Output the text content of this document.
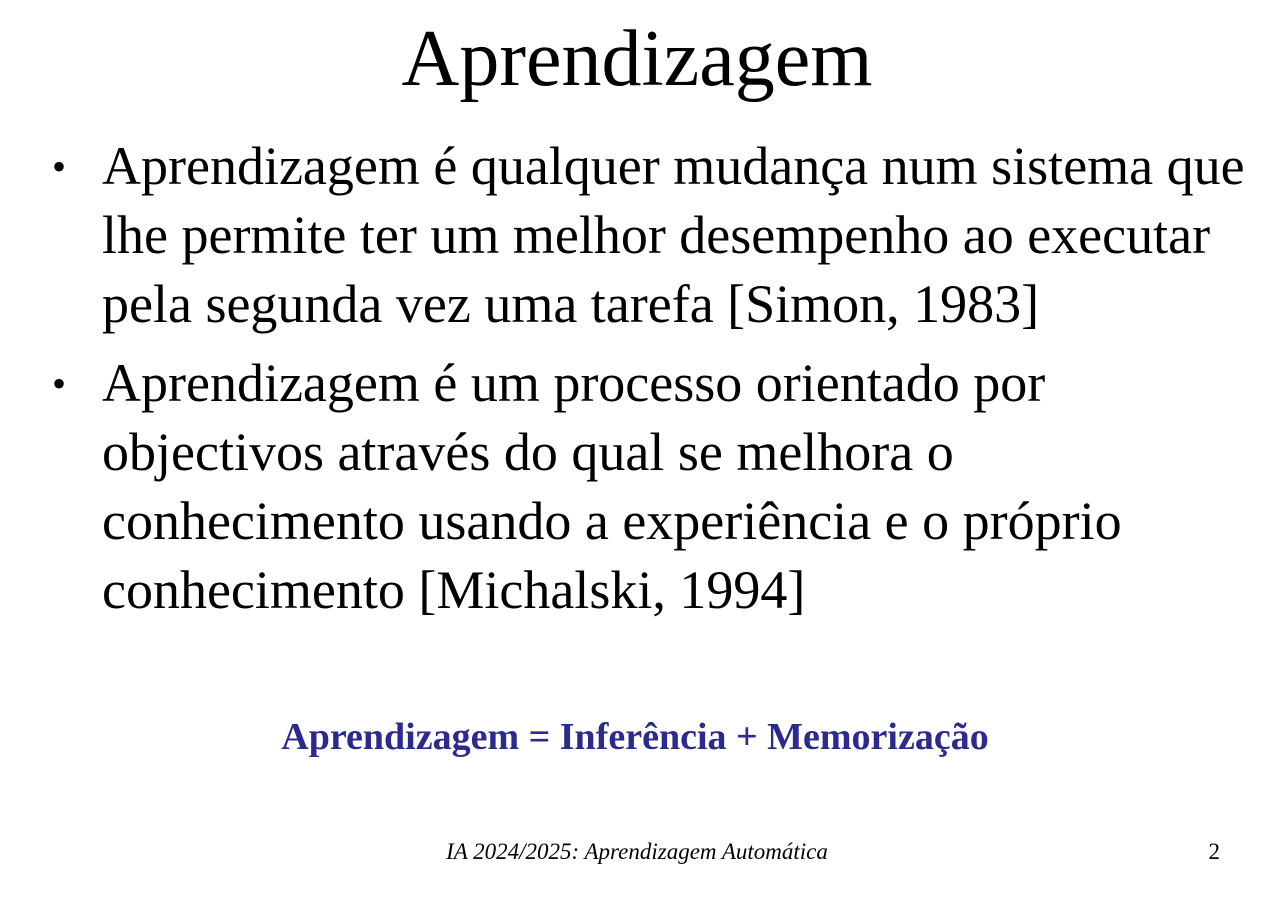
Aprendizagem
• Aprendizagem é qualquer mudança num sistema que lhe permite ter um melhor desempenho ao executar pela segunda vez uma tarefa [Simon, 1983]
• Aprendizagem é um processo orientado por objectivos através do qual se melhora o conhecimento usando a experiência e o próprio conhecimento [Michalski, 1994]
Aprendizagem = Inferência + Memorização
IA 2024/2025: Aprendizagem Automática	2
